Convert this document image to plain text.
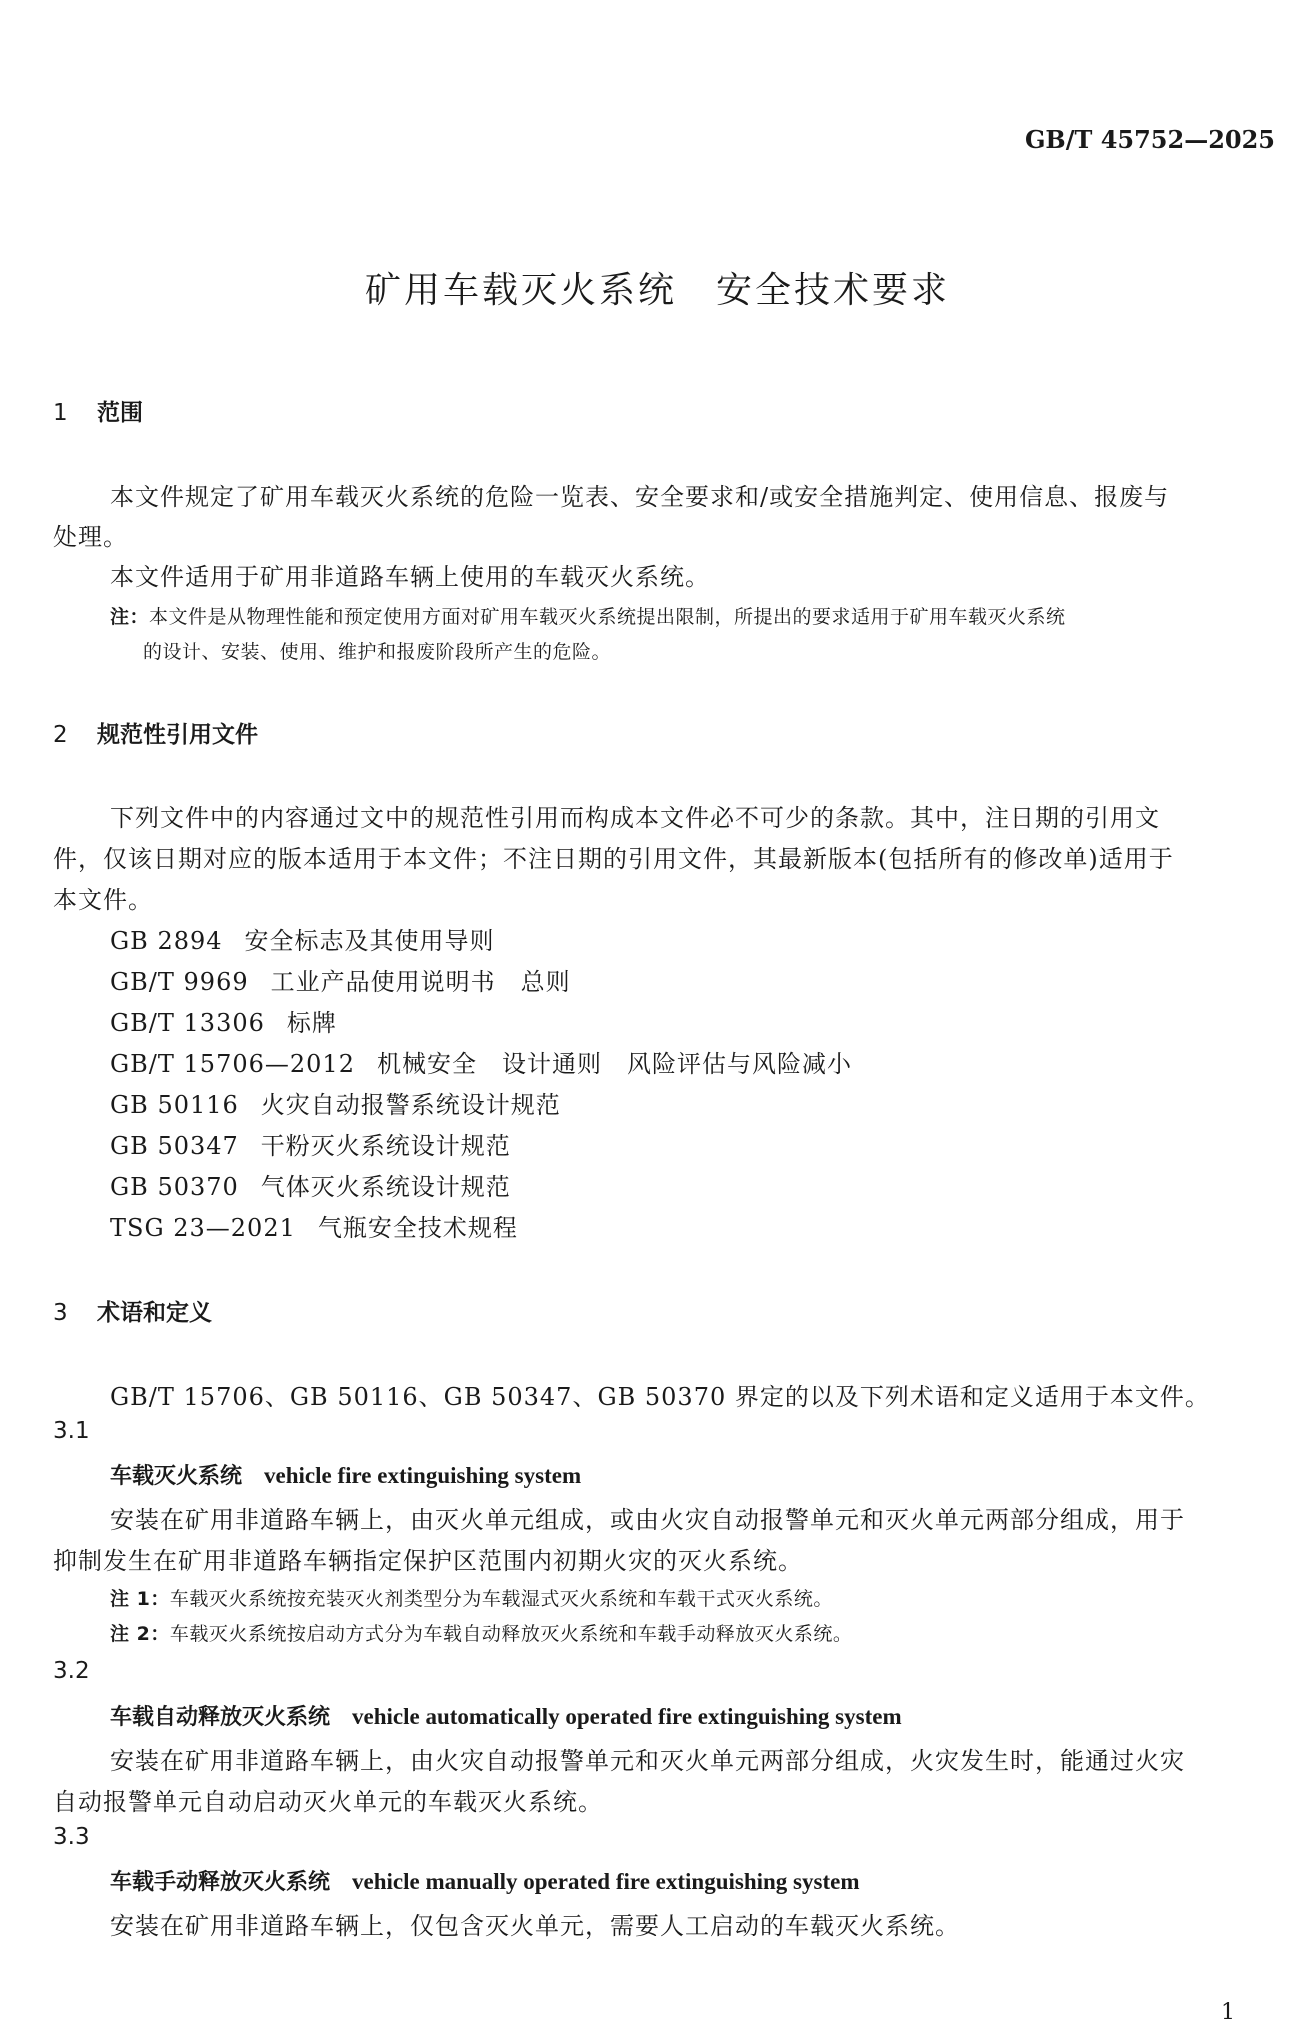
GB/T 45752—2025
矿用车载灭火系统　安全技术要求
1 范围
本文件规定了矿用车载灭火系统的危险一览表、安全要求和/或安全措施判定、使用信息、报废与
处理。
本文件适用于矿用非道路车辆上使用的车载灭火系统。
注：本文件是从物理性能和预定使用方面对矿用车载灭火系统提出限制，所提出的要求适用于矿用车载灭火系统
的设计、安装、使用、维护和报废阶段所产生的危险。
2 规范性引用文件
下列文件中的内容通过文中的规范性引用而构成本文件必不可少的条款。其中，注日期的引用文
件，仅该日期对应的版本适用于本文件；不注日期的引用文件，其最新版本(包括所有的修改单)适用于
本文件。
GB 2894 安全标志及其使用导则
GB/T 9969 工业产品使用说明书　总则
GB/T 13306 标牌
GB/T 15706—2012 机械安全　设计通则　风险评估与风险减小
GB 50116 火灾自动报警系统设计规范
GB 50347 干粉灭火系统设计规范
GB 50370 气体灭火系统设计规范
TSG 23—2021 气瓶安全技术规程
3 术语和定义
GB/T 15706、GB 50116、GB 50347、GB 50370 界定的以及下列术语和定义适用于本文件。
3.1
车载灭火系统 vehicle fire extinguishing system
安装在矿用非道路车辆上，由灭火单元组成，或由火灾自动报警单元和灭火单元两部分组成，用于
抑制发生在矿用非道路车辆指定保护区范围内初期火灾的灭火系统。
注 1：车载灭火系统按充装灭火剂类型分为车载湿式灭火系统和车载干式灭火系统。
注 2：车载灭火系统按启动方式分为车载自动释放灭火系统和车载手动释放灭火系统。
3.2
车载自动释放灭火系统 vehicle automatically operated fire extinguishing system
安装在矿用非道路车辆上，由火灾自动报警单元和灭火单元两部分组成，火灾发生时，能通过火灾
自动报警单元自动启动灭火单元的车载灭火系统。
3.3
车载手动释放灭火系统 vehicle manually operated fire extinguishing system
安装在矿用非道路车辆上，仅包含灭火单元，需要人工启动的车载灭火系统。
1
